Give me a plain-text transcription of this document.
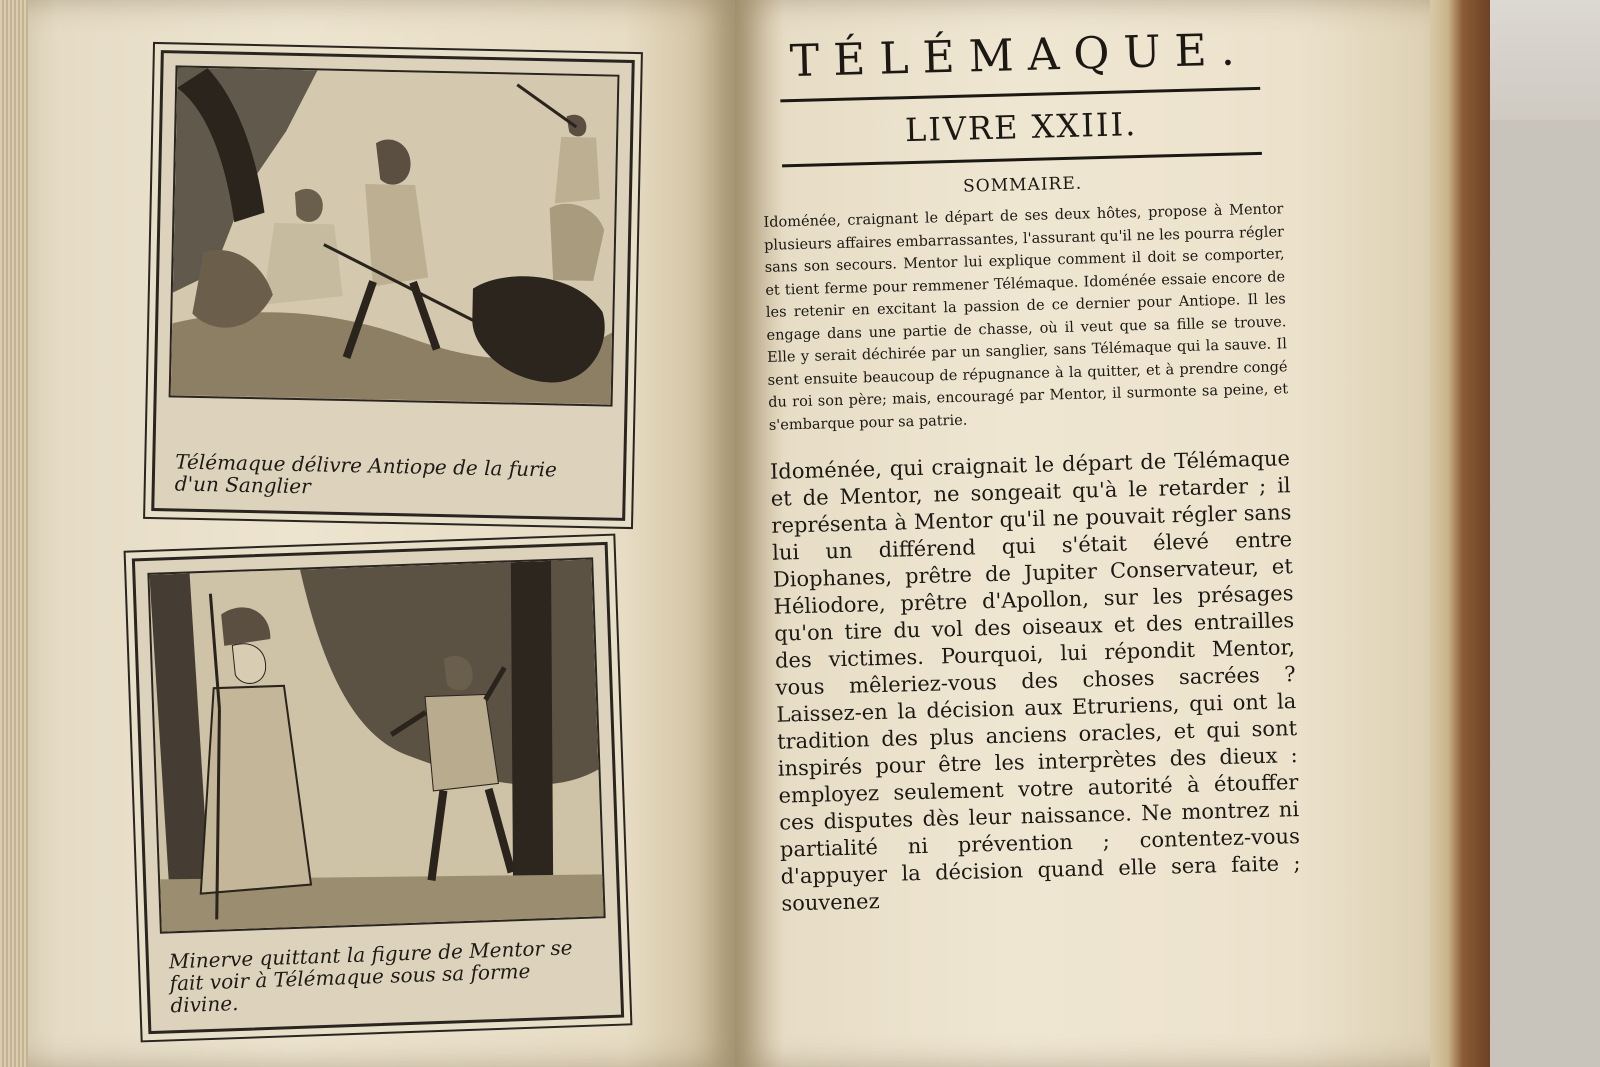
Télémaque délivre Antiope de la furie d'un Sanglier
Minerve quittant la figure de Mentor se fait voir à Télémaque sous sa forme divine.
TÉLÉMAQUE.
LIVRE XXIII.
SOMMAIRE.
Idoménée, craignant le départ de ses deux hôtes, propose à Mentor plusieurs affaires embarrassantes, l'assurant qu'il ne les pourra régler sans son secours. Mentor lui explique comment il doit se comporter, et tient ferme pour remmener Télémaque. Idoménée essaie encore de les retenir en excitant la passion de ce dernier pour Antiope. Il les engage dans une partie de chasse, où il veut que sa fille se trouve. Elle y serait déchirée par un sanglier, sans Télémaque qui la sauve. Il sent ensuite beaucoup de répugnance à la quitter, et à prendre congé du roi son père; mais, encouragé par Mentor, il surmonte sa peine, et s'embarque pour sa patrie.
Idoménée, qui craignait le départ de Télémaque et de Mentor, ne songeait qu'à le retarder ; il représenta à Mentor qu'il ne pouvait régler sans lui un différend qui s'était élevé entre Diophanes, prêtre de Jupiter Conservateur, et Héliodore, prêtre d'Apollon, sur les présages qu'on tire du vol des oiseaux et des entrailles des victimes. Pourquoi, lui répondit Mentor, vous mêleriez-vous des choses sacrées ? Laissez-en la décision aux Etruriens, qui ont la tradition des plus anciens oracles, et qui sont inspirés pour être les interprètes des dieux : employez seulement votre autorité à étouffer ces disputes dès leur naissance. Ne montrez ni partialité ni prévention ; contentez-vous d'appuyer la décision quand elle sera faite ; souvenez
